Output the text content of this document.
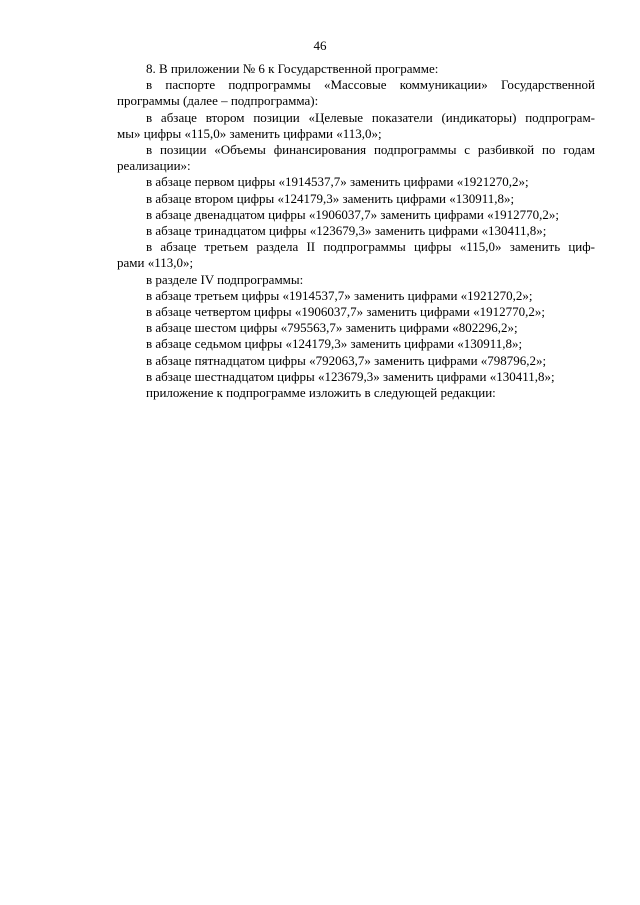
46
8. В приложении № 6 к Государственной программе:
в паспорте подпрограммы «Массовые коммуникации» Государственной
программы (далее – подпрограмма):
в абзаце втором позиции «Целевые показатели (индикаторы) подпрограм-
мы» цифры «115,0» заменить цифрами «113,0»;
в позиции «Объемы финансирования подпрограммы с разбивкой по годам
реализации»:
в абзаце первом цифры «1914537,7» заменить цифрами «1921270,2»;
в абзаце втором цифры «124179,3» заменить цифрами «130911,8»;
в абзаце двенадцатом цифры «1906037,7» заменить цифрами «1912770,2»;
в абзаце тринадцатом цифры «123679,3» заменить цифрами «130411,8»;
в абзаце третьем раздела II подпрограммы цифры «115,0» заменить циф-
рами «113,0»;
в разделе IV подпрограммы:
в абзаце третьем цифры «1914537,7» заменить цифрами «1921270,2»;
в абзаце четвертом цифры «1906037,7» заменить цифрами «1912770,2»;
в абзаце шестом цифры «795563,7» заменить цифрами «802296,2»;
в абзаце седьмом цифры «124179,3» заменить цифрами «130911,8»;
в абзаце пятнадцатом цифры «792063,7» заменить цифрами «798796,2»;
в абзаце шестнадцатом цифры «123679,3» заменить цифрами «130411,8»;
приложение к подпрограмме изложить в следующей редакции:
